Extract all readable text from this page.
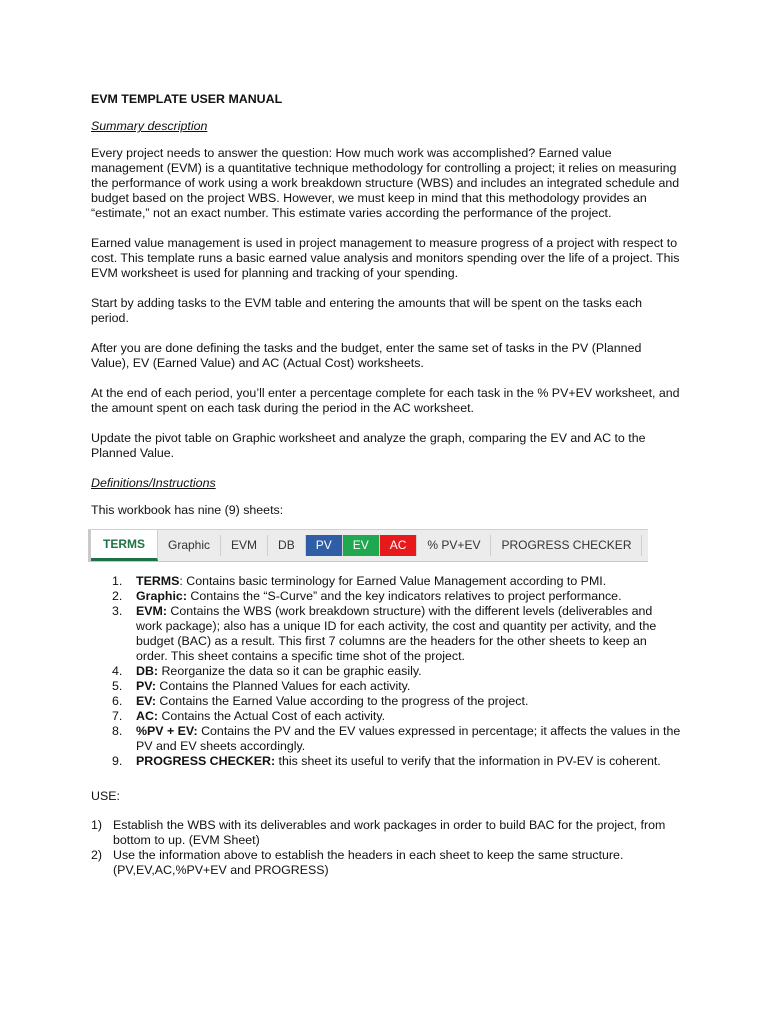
EVM TEMPLATE USER MANUAL
Summary description

Every project needs to answer the question: How much work was accomplished? Earned value management (EVM) is a quantitative technique methodology for controlling a project; it relies on measuring the performance of work using a work breakdown structure (WBS) and includes an integrated schedule and budget based on the project WBS. However, we must keep in mind that this methodology provides an “estimate,” not an exact number. This estimate varies according the performance of the project.

Earned value management is used in project management to measure progress of a project with respect to cost. This template runs a basic earned value analysis and monitors spending over the life of a project. This EVM worksheet is used for planning and tracking of your spending.

Start by adding tasks to the EVM table and entering the amounts that will be spent on the tasks each period.

After you are done defining the tasks and the budget, enter the same set of tasks in the PV (Planned Value), EV (Earned Value) and AC (Actual Cost) worksheets.

At the end of each period, you’ll enter a percentage complete for each task in the % PV+EV worksheet, and the amount spent on each task during the period in the AC worksheet.

Update the pivot table on Graphic worksheet and analyze the graph, comparing the EV and AC to the Planned Value.

Definitions/Instructions

This workbook has nine (9) sheets:

TERMS	Graphic	EVM	DB	PV	EV	AC	% PV+EV	PROGRESS CHECKER
1. TERMS: Contains basic terminology for Earned Value Management according to PMI.
2. Graphic: Contains the “S-Curve” and the key indicators relatives to project performance.
3. EVM: Contains the WBS (work breakdown structure) with the different levels (deliverables and work package); also has a unique ID for each activity, the cost and quantity per activity, and the budget (BAC) as a result. This first 7 columns are the headers for the other sheets to keep an order. This sheet contains a specific time shot of the project.
4. DB: Reorganize the data so it can be graphic easily.
5. PV: Contains the Planned Values for each activity.
6. EV: Contains the Earned Value according to the progress of the project.
7. AC: Contains the Actual Cost of each activity.
8. %PV + EV: Contains the PV and the EV values expressed in percentage; it affects the values in the PV and EV sheets accordingly.
9. PROGRESS CHECKER: this sheet its useful to verify that the information in PV-EV is coherent.
USE:
1) Establish the WBS with its deliverables and work packages in order to build BAC for the project, from bottom to up. (EVM Sheet)
2) Use the information above to establish the headers in each sheet to keep the same structure. (PV,EV,AC,%PV+EV and PROGRESS)
